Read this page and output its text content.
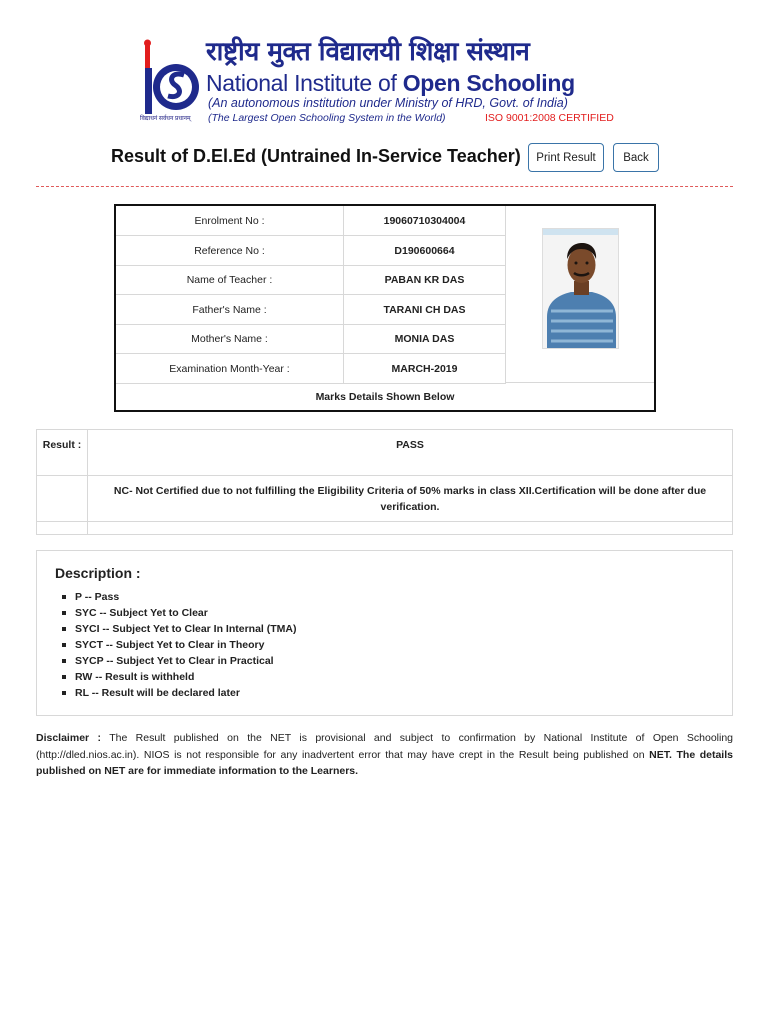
विद्याधनं सर्वधन प्रधानम्
राष्ट्रीय मुक्त विद्यालयी शिक्षा संस्थान
National Institute of Open Schooling
(An autonomous institution under Ministry of HRD, Govt. of India)
(The Largest Open Schooling System in the World)	ISO 9001:2008 CERTIFIED
Result of D.El.Ed (Untrained In-Service Teacher)	Print Result	Back
Enrolment No :	19060710304004
Reference No :	D190600664
Name of Teacher :	PABAN KR DAS
Father's Name :	TARANI CH DAS
Mother's Name :	MONIA DAS
Examination Month-Year :	MARCH-2019
Marks Details Shown Below
Result :	PASS
NC- Not Certified due to not fulfilling the Eligibility Criteria of 50% marks in class XII.Certification will be done after due verification.
Description :
P -- Pass
SYC -- Subject Yet to Clear
SYCI -- Subject Yet to Clear In Internal (TMA)
SYCT -- Subject Yet to Clear in Theory
SYCP -- Subject Yet to Clear in Practical
RW -- Result is withheld
RL -- Result will be declared later
Disclaimer : The Result published on the NET is provisional and subject to confirmation by National Institute of Open Schooling (http://dled.nios.ac.in). NIOS is not responsible for any inadvertent error that may have crept in the Result being published on NET. The details published on NET are for immediate information to the Learners.
